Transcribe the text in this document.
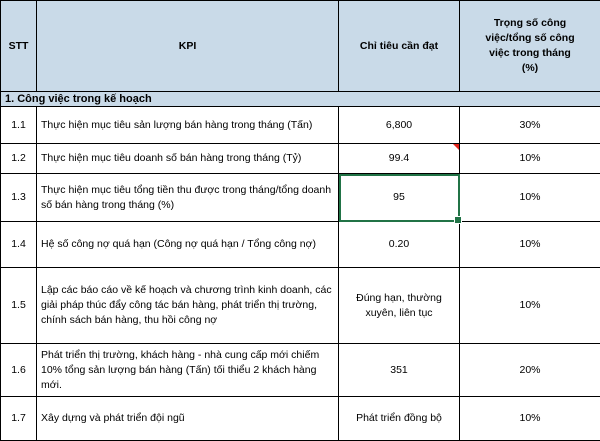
STT	KPI	Chỉ tiêu cần đạt	Trọng số công việc/tổng số công việc trong tháng (%)
1. Công việc trong kế hoạch			
1.1	Thực hiện mục tiêu sản lượng bán hàng trong tháng (Tấn)	6,800	30%
1.2	Thực hiện mục tiêu doanh số bán hàng trong tháng (Tỷ)	99.4	10%
1.3	Thực hiện mục tiêu tổng tiền thu được trong tháng/tổng doanh số bán hàng trong tháng (%)	95	10%
1.4	Hệ số công nợ quá hạn (Công nợ quá hạn / Tổng công nợ)	0.20	10%
1.5	Lập các báo cáo về kế hoạch và chương trình kinh doanh, các giải pháp thúc đẩy công tác bán hàng, phát triển thị trường, chính sách bán hàng, thu hồi công nợ	Đúng hạn, thường xuyên, liên tục	10%
1.6	Phát triển thị trường, khách hàng - nhà cung cấp mới chiếm 10% tổng sản lượng bán hàng (Tấn) tối thiểu 2 khách hàng mới.	351	20%
1.7	Xây dựng và phát triển đội ngũ	Phát triển đồng bộ	10%
